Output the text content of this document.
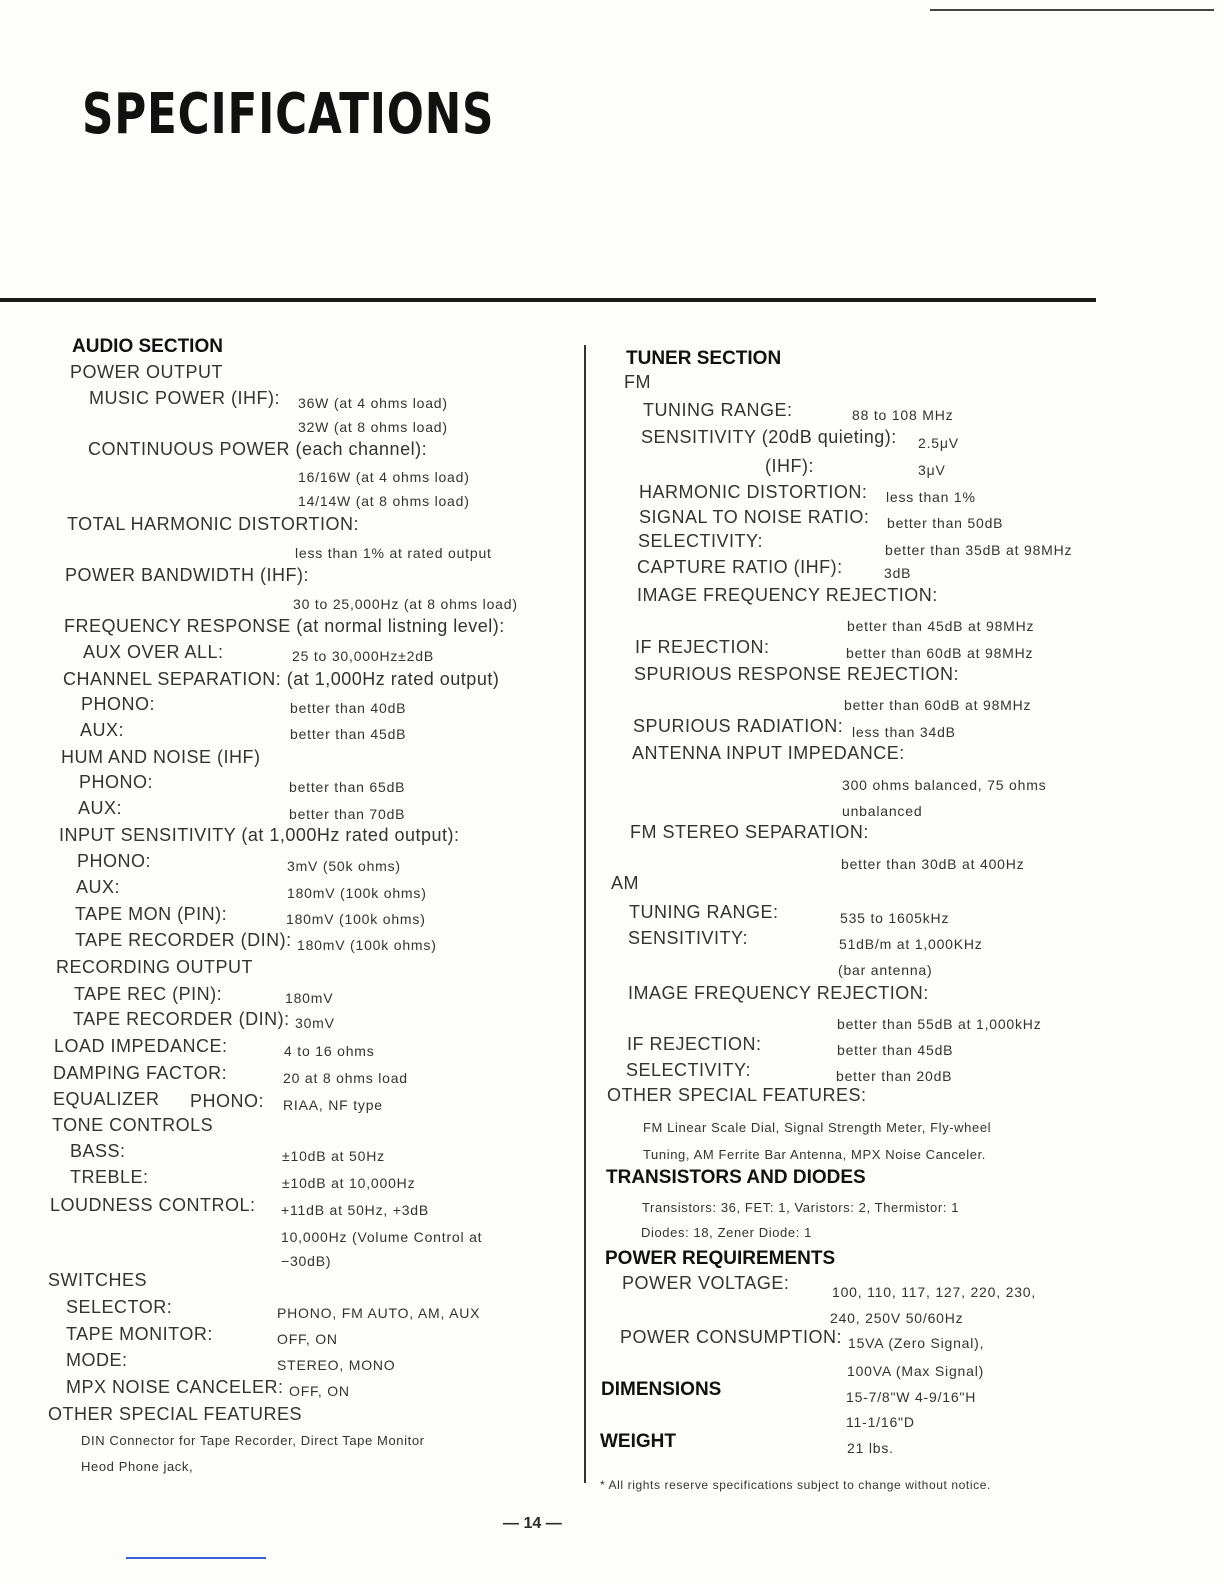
SPECIFICATIONS
AUDIO SECTION
POWER OUTPUT
MUSIC POWER (IHF): 36W (at 4 ohms load)
32W (at 8 ohms load)
CONTINUOUS POWER (each channel):
16/16W (at 4 ohms load)
14/14W (at 8 ohms load)
TOTAL HARMONIC DISTORTION:
less than 1% at rated output
POWER BANDWIDTH (IHF):
30 to 25,000Hz (at 8 ohms load)
FREQUENCY RESPONSE (at normal listning level):
AUX OVER ALL:	25 to 30,000Hz±2dB
CHANNEL SEPARATION: (at 1,000Hz rated output)
PHONO:	better than 40dB
AUX:	better than 45dB
HUM AND NOISE (IHF)
PHONO:	better than 65dB
AUX:	better than 70dB
INPUT SENSITIVITY (at 1,000Hz rated output):
PHONO:	3mV (50k ohms)
AUX:	180mV (100k ohms)
TAPE MON (PIN):	180mV (100k ohms)
TAPE RECORDER (DIN): 180mV (100k ohms)
RECORDING OUTPUT
TAPE REC (PIN):	180mV
TAPE RECORDER (DIN): 30mV
LOAD IMPEDANCE:	4 to 16 ohms
DAMPING FACTOR:	20 at 8 ohms load
EQUALIZER PHONO: RIAA, NF type
TONE CONTROLS
BASS:	±10dB at 50Hz
TREBLE:	±10dB at 10,000Hz
LOUDNESS CONTROL: +11dB at 50Hz, +3dB
10,000Hz (Volume Control at
−30dB)
SWITCHES
SELECTOR:	PHONO, FM AUTO, AM, AUX
TAPE MONITOR:	OFF, ON
MODE:	STEREO, MONO
MPX NOISE CANCELER: OFF, ON
OTHER SPECIAL FEATURES
DIN Connector for Tape Recorder, Direct Tape Monitor
Heod Phone jack,
TUNER SECTION
FM
TUNING RANGE:	88 to 108 MHz
SENSITIVITY (20dB quieting): 2.5μV
(IHF):	3μV
HARMONIC DISTORTION: less than 1%
SIGNAL TO NOISE RATIO: better than 50dB
SELECTIVITY:	better than 35dB at 98MHz
CAPTURE RATIO (IHF):	3dB
IMAGE FREQUENCY REJECTION:
better than 45dB at 98MHz
IF REJECTION:	better than 60dB at 98MHz
SPURIOUS RESPONSE REJECTION:
better than 60dB at 98MHz
SPURIOUS RADIATION: less than 34dB
ANTENNA INPUT IMPEDANCE:
300 ohms balanced, 75 ohms
unbalanced
FM STEREO SEPARATION:
better than 30dB at 400Hz
AM
TUNING RANGE:	535 to 1605kHz
SENSITIVITY:	51dB/m at 1,000KHz
(bar antenna)
IMAGE FREQUENCY REJECTION:
better than 55dB at 1,000kHz
IF REJECTION:	better than 45dB
SELECTIVITY:	better than 20dB
OTHER SPECIAL FEATURES:
FM Linear Scale Dial, Signal Strength Meter, Fly-wheel
Tuning, AM Ferrite Bar Antenna, MPX Noise Canceler.
TRANSISTORS AND DIODES
Transistors: 36, FET: 1, Varistors: 2, Thermistor: 1
Diodes: 18, Zener Diode: 1
POWER REQUIREMENTS
POWER VOLTAGE:	100, 110, 117, 127, 220, 230,
240, 250V 50/60Hz
POWER CONSUMPTION: 15VA (Zero Signal),
100VA (Max Signal)
DIMENSIONS	15-7/8"W 4-9/16"H
11-1/16"D
WEIGHT	21 lbs.
* All rights reserve specifications subject to change without notice.
— 14 —
